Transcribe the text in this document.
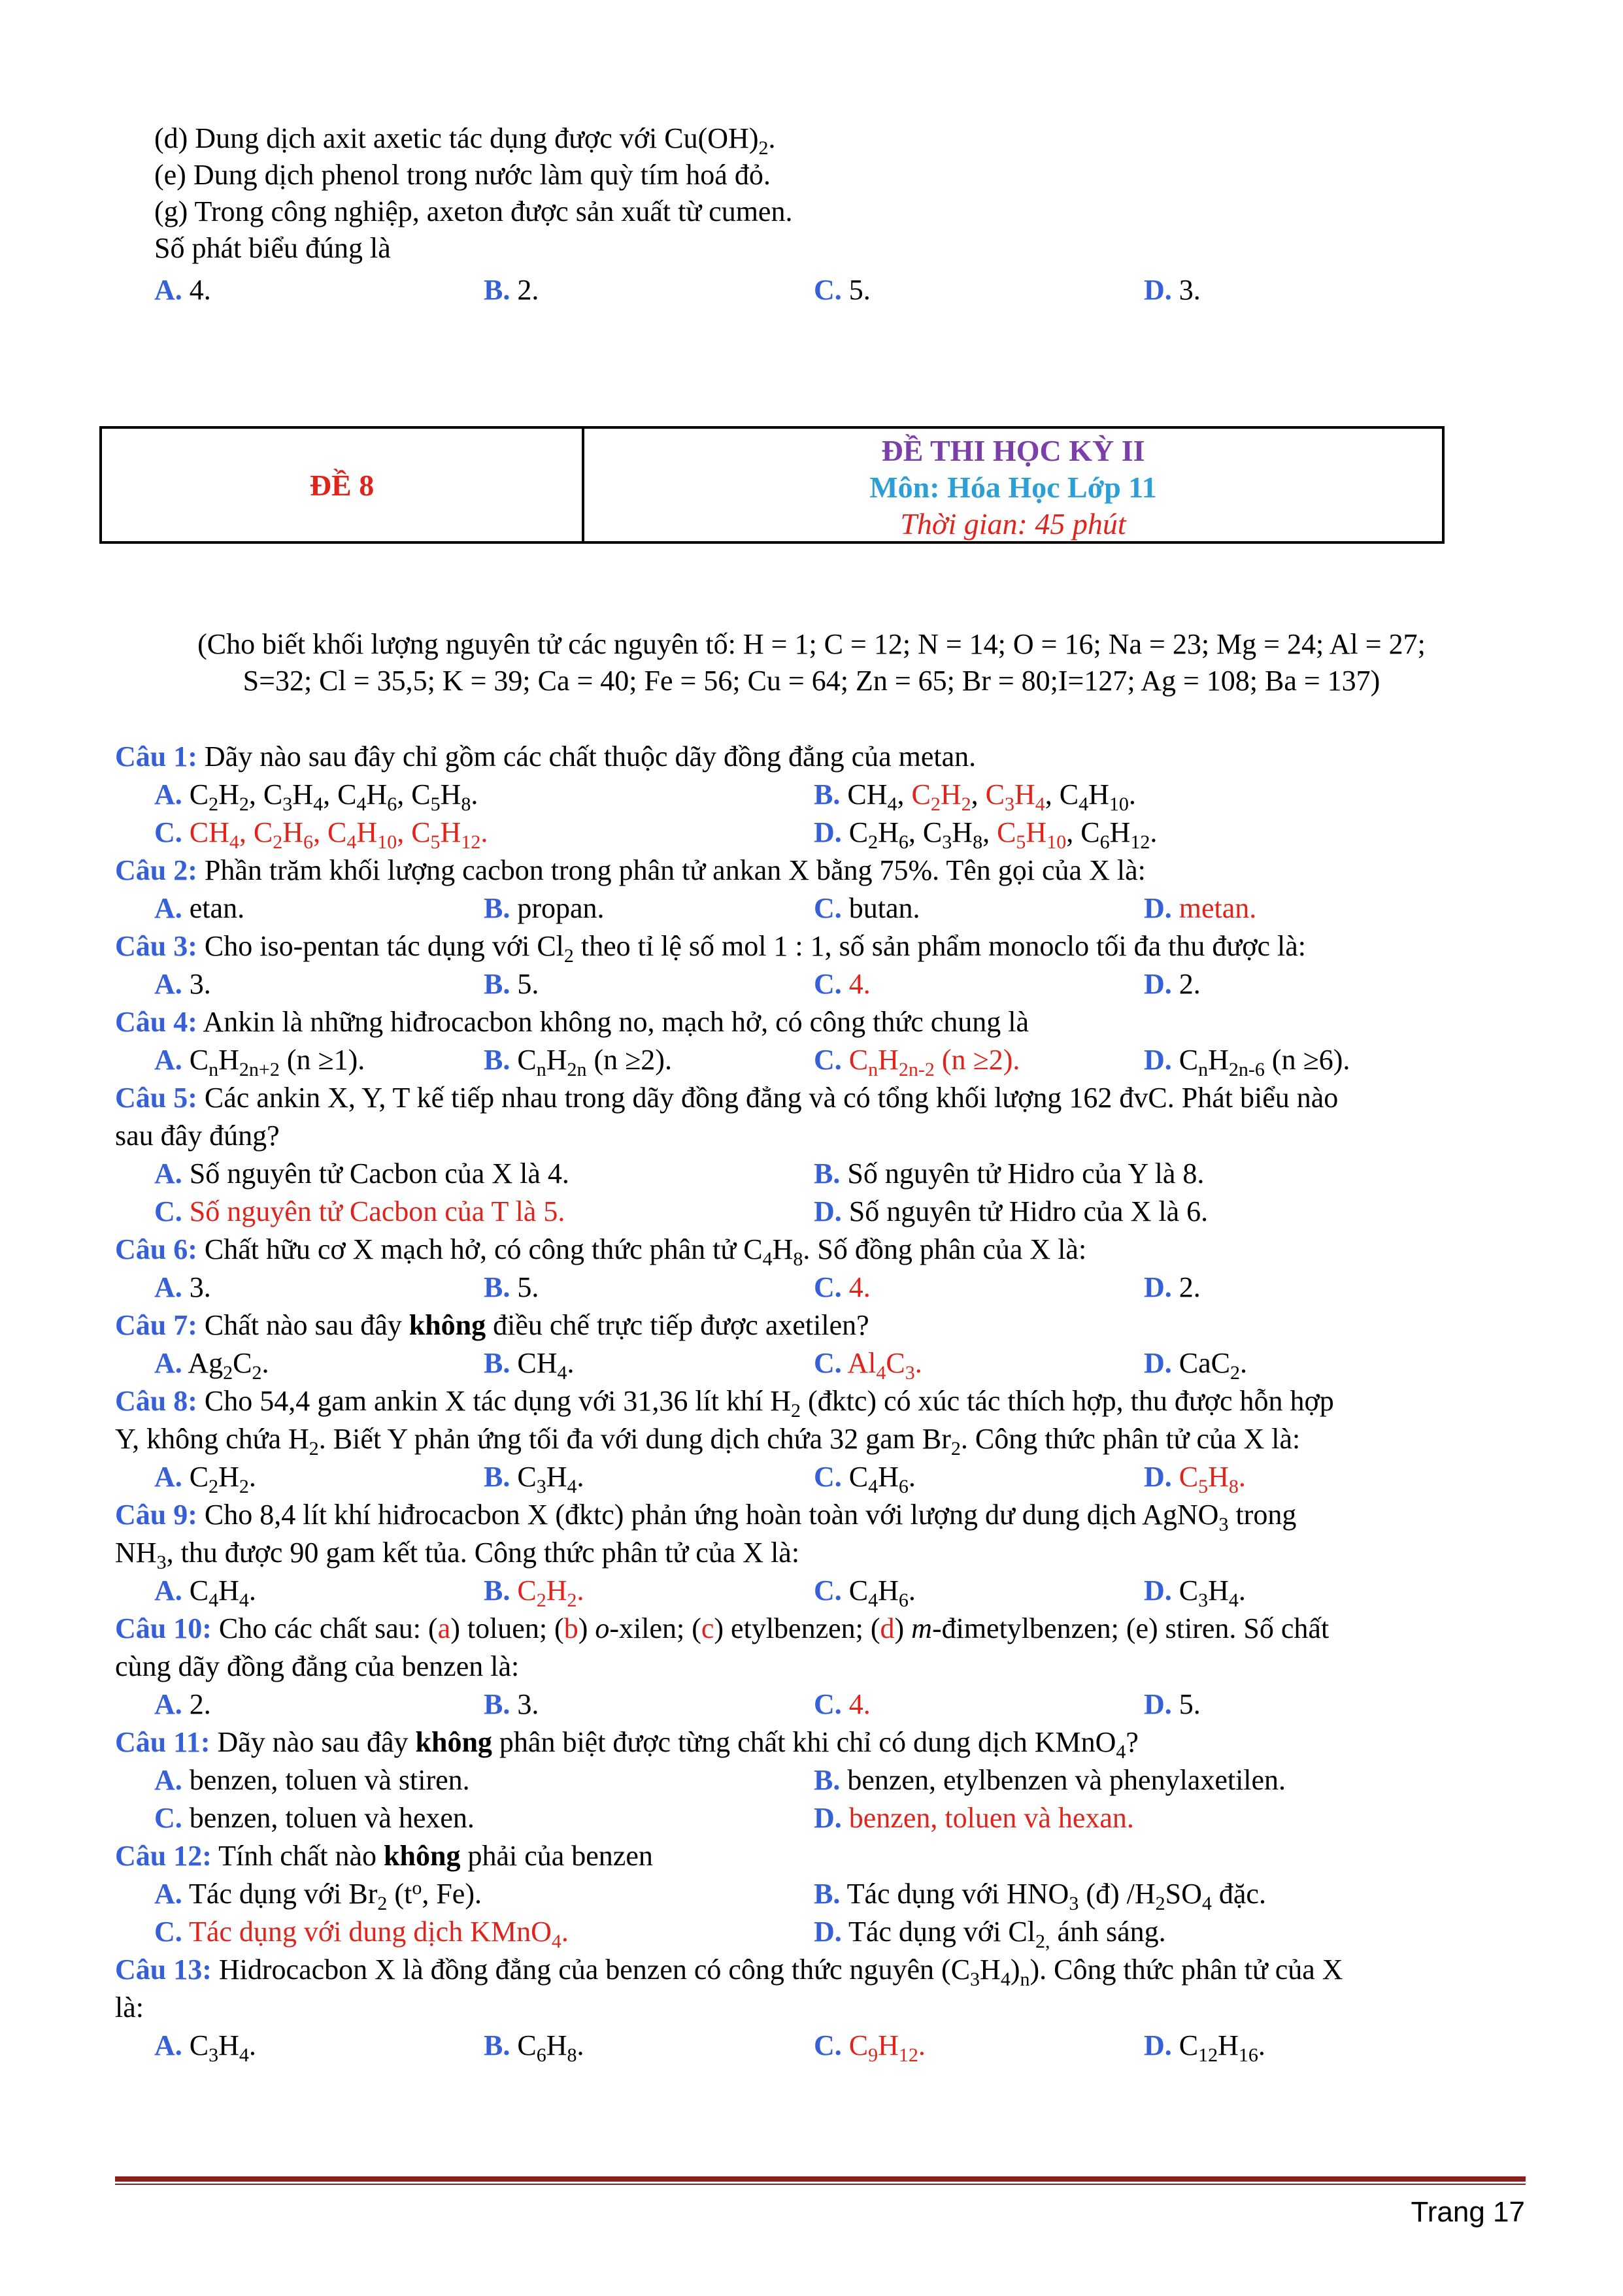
(d) Dung dịch axit axetic tác dụng được với $Cu(OH)_2$.
(e) Dung dịch phenol trong nước làm quỳ tím hoá đỏ.
(g) Trong công nghiệp, axeton được sản xuất từ cumen.
Số phát biểu đúng là
A. 4.	B. 2.	C. 5.	D. 3.
ĐỀ 8
ĐỀ THI HỌC KỲ II
Môn: Hóa Học Lớp 11
Thời gian: 45 phút
(Cho biết khối lượng nguyên tử các nguyên tố: H = 1; C = 12; N = 14; O = 16; Na = 23; Mg = 24; Al = 27;
S=32; Cl = 35,5; K = 39; Ca = 40; Fe = 56; Cu = 64; Zn = 65; Br = 80;I=127; Ag = 108; Ba = 137)
Câu 1: Dãy nào sau đây chỉ gồm các chất thuộc dãy đồng đẳng của metan.
A. $C_2H_2$, $C_3H_4$, $C_4H_6$, $C_5H_8$.	B. $CH_4$, $C_2H_2$, $C_3H_4$, $C_4H_{10}$.
C. $CH_4$, $C_2H_6$, $C_4H_{10}$, $C_5H_{12}$.	D. $C_2H_6$, $C_3H_8$, $C_5H_{10}$, $C_6H_{12}$.
Câu 2: Phần trăm khối lượng cacbon trong phân tử ankan X bằng 75%. Tên gọi của X là:
A. etan.	B. propan.	C. butan.	D. metan.
Câu 3: Cho iso-pentan tác dụng với $Cl_2$ theo tỉ lệ số mol 1 : 1, số sản phẩm monoclo tối đa thu được là:
A. 3.	B. 5.	C. 4.	D. 2.
Câu 4: Ankin là những hiđrocacbon không no, mạch hở, có công thức chung là
A. $C_nH_{2n+2}$ (n ≥1).	B. $C_nH_{2n}$ (n ≥2).	C. $C_nH_{2n-2}$ (n ≥2).	D. $C_nH_{2n-6}$ (n ≥6).
Câu 5: Các ankin X, Y, T kế tiếp nhau trong dãy đồng đẳng và có tổng khối lượng 162 đvC. Phát biểu nào
sau đây đúng?
A. Số nguyên tử Cacbon của X là 4.	B. Số nguyên tử Hidro của Y là 8.
C. Số nguyên tử Cacbon của T là 5.	D. Số nguyên tử Hidro của X là 6.
Câu 6: Chất hữu cơ X mạch hở, có công thức phân tử $C_4H_8$. Số đồng phân của X là:
A. 3.	B. 5.	C. 4.	D. 2.
Câu 7: Chất nào sau đây không điều chế trực tiếp được axetilen?
A. $Ag_2C_2$.	B. $CH_4$.	C. $Al_4C_3$.	D. CaC$_2$.
Câu 8: Cho 54,4 gam ankin X tác dụng với 31,36 lít khí $H_2$ (đktc) có xúc tác thích hợp, thu được hỗn hợp
Y, không chứa $H_2$. Biết Y phản ứng tối đa với dung dịch chứa 32 gam $Br_2$. Công thức phân tử của X là:
A. $C_2H_2$.	B. $C_3H_4$.	C. $C_4H_6$.	D. $C_5H_8$.
Câu 9: Cho 8,4 lít khí hiđrocacbon X (đktc) phản ứng hoàn toàn với lượng dư dung dịch AgNO$_3$ trong
$NH_3$, thu được 90 gam kết tủa. Công thức phân tử của X là:
A. $C_4H_4$.	B. $C_2H_2$.	C. $C_4H_6$.	D. $C_3H_4$.
Câu 10: Cho các chất sau: (a) toluen; (b) o-xilen; (c) etylbenzen; (d) m-đimetylbenzen; (e) stiren. Số chất
cùng dãy đồng đẳng của benzen là:
A. 2.	B. 3.	C. 4.	D. 5.
Câu 11: Dãy nào sau đây không phân biệt được từng chất khi chỉ có dung dịch KMnO$_4$?
A. benzen, toluen và stiren.	B. benzen, etylbenzen và phenylaxetilen.
C. benzen, toluen và hexen.	D. benzen, toluen và hexan.
Câu 12: Tính chất nào không phải của benzen
A. Tác dụng với $Br_2$ ($t^o$, Fe).	B. Tác dụng với $HNO_3$ (đ) $/H_2SO_4$ đặc.
C. Tác dụng với dung dịch KMnO$_4$.	D. Tác dụng với $Cl_{2,}$ ánh sáng.
Câu 13: Hidrocacbon X là đồng đẳng của benzen có công thức nguyên $(C_3H_4)_n$). Công thức phân tử của X
là:
A. $C_3H_4$.	B. $C_6H_8$.	C. $C_9H_{12}$.	D. $C_{12}H_{16}$.
Trang 17
